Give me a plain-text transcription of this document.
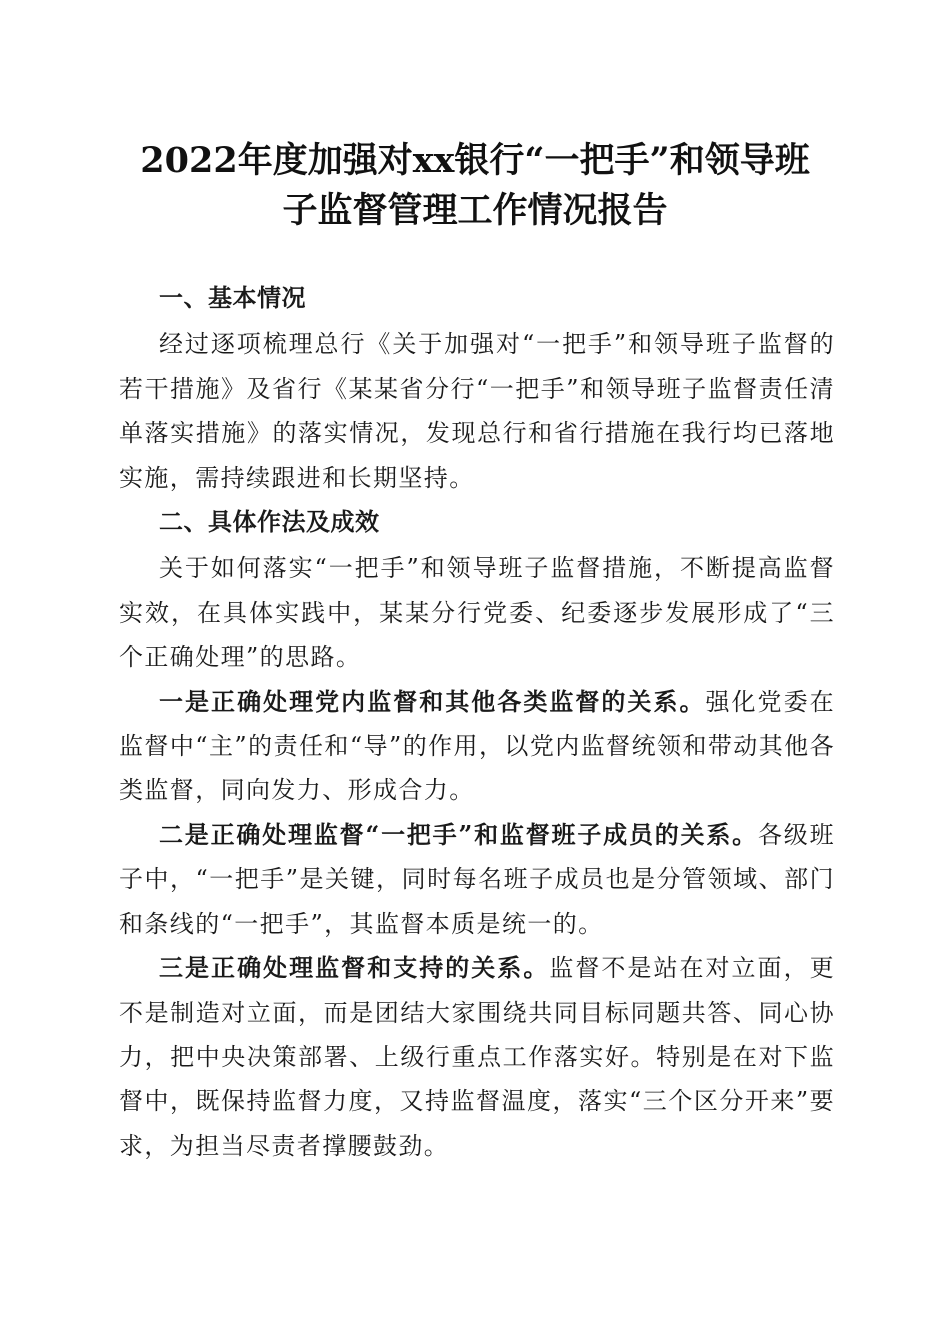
2022年度加强对xx银行“一把手”和领导班
子监督管理工作情况报告

一、基本情况

经过逐项梳理总行《关于加强对“一把手”和领导班子监督的若干措施》及省行《某某省分行“一把手”和领导班子监督责任清单落实措施》的落实情况，发现总行和省行措施在我行均已落地实施，需持续跟进和长期坚持。

二、具体作法及成效

关于如何落实“一把手”和领导班子监督措施，不断提高监督实效，在具体实践中，某某分行党委、纪委逐步发展形成了“三个正确处理”的思路。

一是正确处理党内监督和其他各类监督的关系。强化党委在监督中“主”的责任和“导”的作用，以党内监督统领和带动其他各类监督，同向发力、形成合力。

二是正确处理监督“一把手”和监督班子成员的关系。各级班子中，“一把手”是关键，同时每名班子成员也是分管领域、部门和条线的“一把手”，其监督本质是统一的。

三是正确处理监督和支持的关系。监督不是站在对立面，更不是制造对立面，而是团结大家围绕共同目标同题共答、同心协力，把中央决策部署、上级行重点工作落实好。特别是在对下监督中，既保持监督力度，又持监督温度，落实“三个区分开来”要求，为担当尽责者撑腰鼓劲。
